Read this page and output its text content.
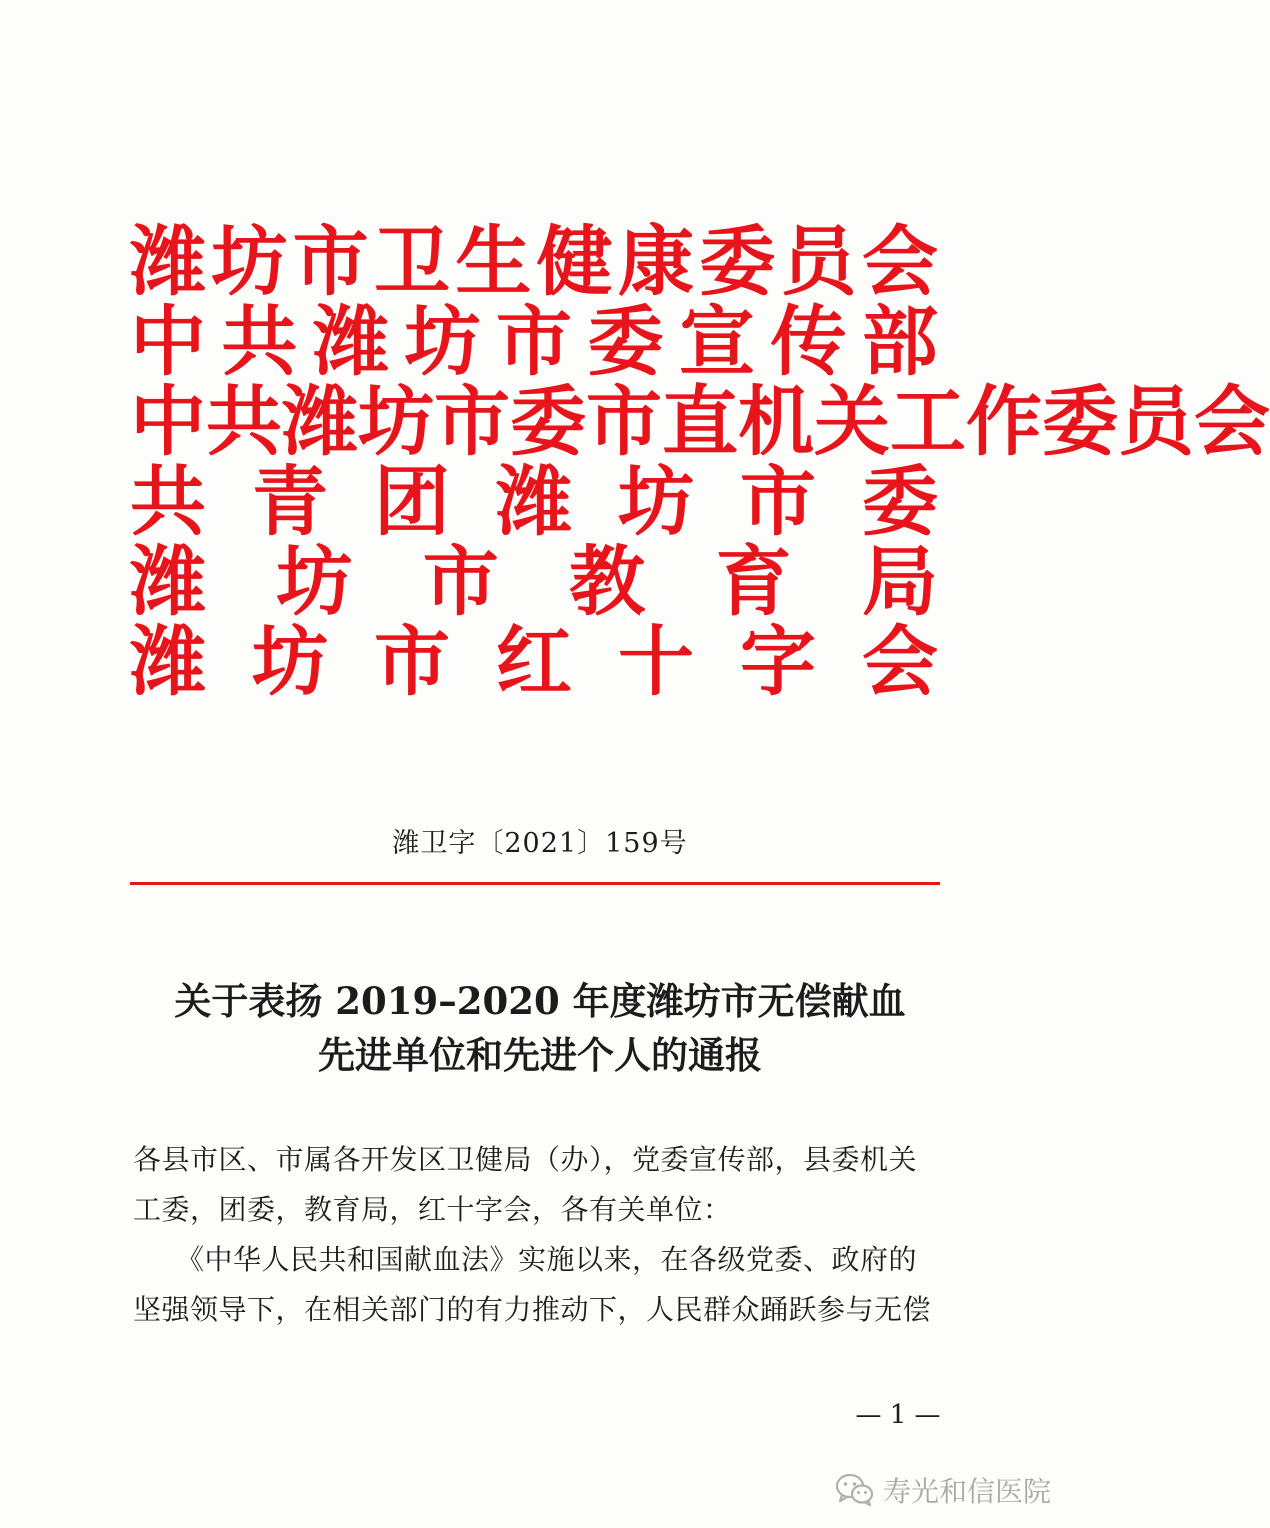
潍 坊 市 卫 生 健 康 委 员 会
中 共 潍 坊 市 委 宣 传 部
中 共 潍 坊 市 委 市 直 机 关 工 作 委 员 会
共 青 团 潍 坊 市 委
潍 坊 市 教 育 局
潍 坊 市 红 十 字 会
潍卫字〔2021〕159号
关于表扬 2019–2020 年度潍坊市无偿献血
先进单位和先进个人的通报
各县市区、市属各开发区卫健局（办），党委宣传部，县委机关
工委，团委，教育局，红十字会，各有关单位：
　　《中华人民共和国献血法》实施以来，在各级党委、政府的
坚强领导下，在相关部门的有力推动下，人民群众踊跃参与无偿
— 1 —
寿光和信医院
